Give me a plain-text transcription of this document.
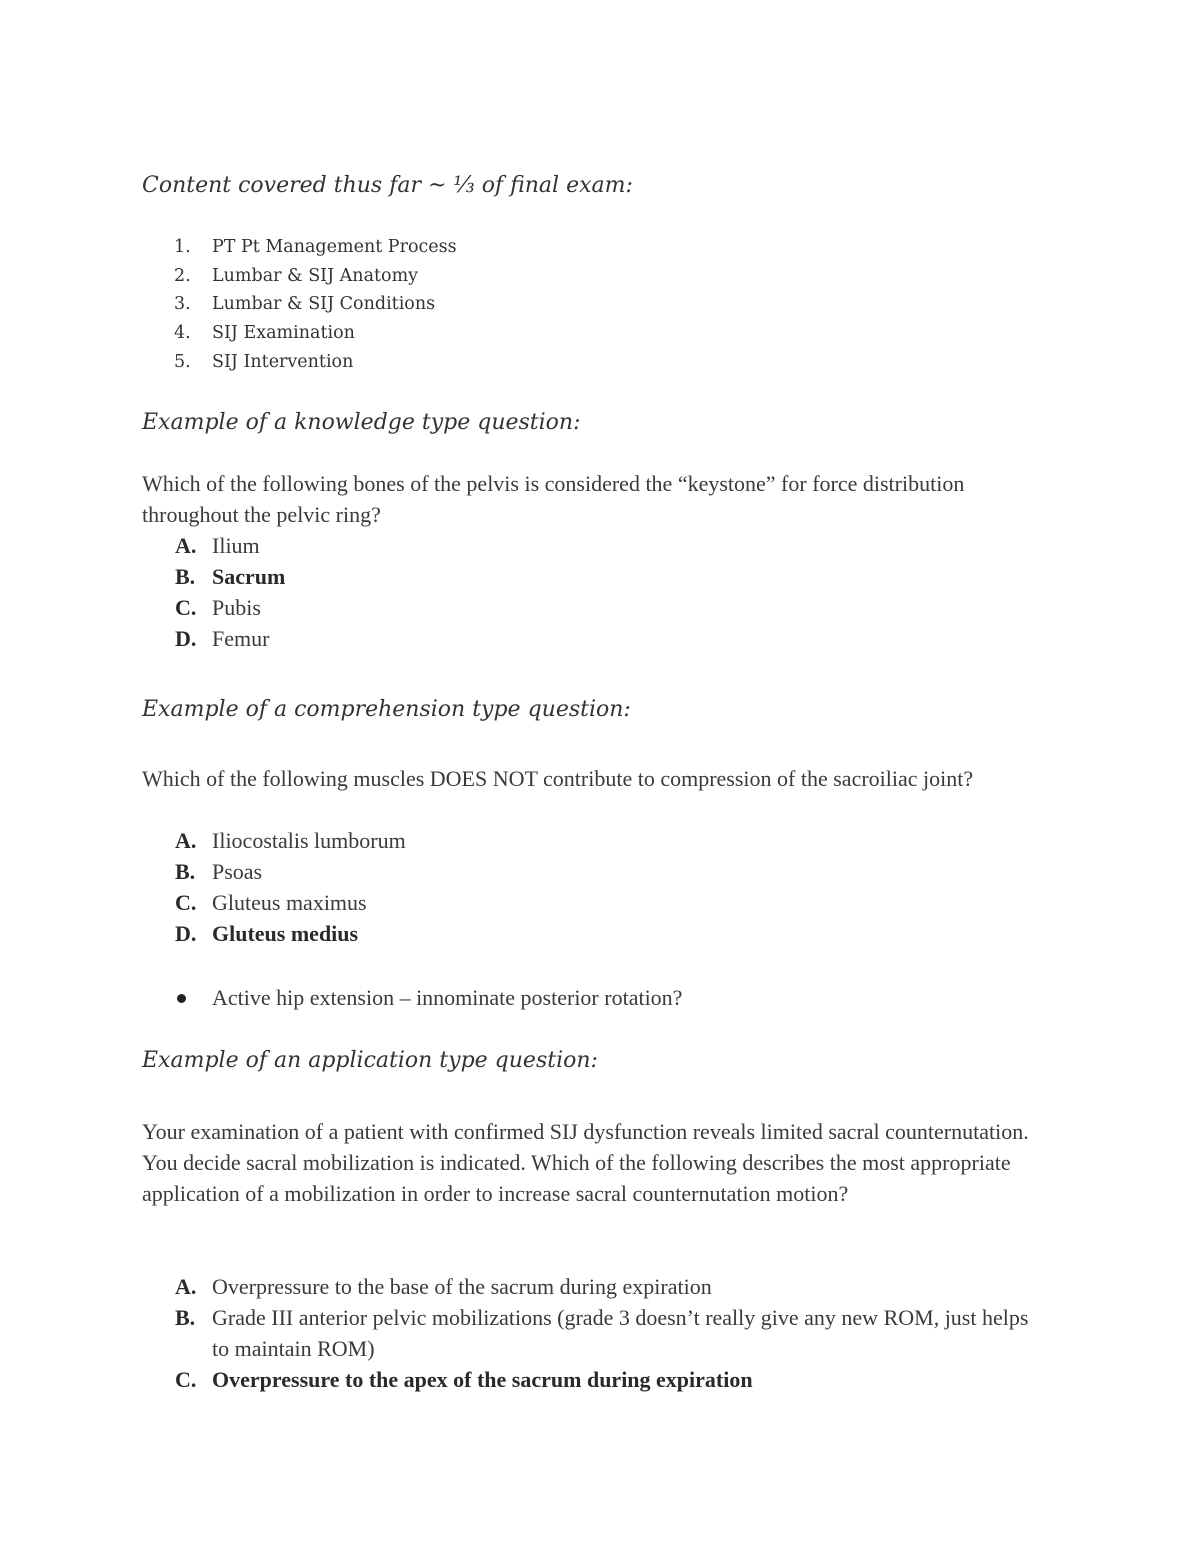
Content covered thus far ~ ⅓ of final exam:
1. PT Pt Management Process
2. Lumbar & SIJ Anatomy
3. Lumbar & SIJ Conditions
4. SIJ Examination
5. SIJ Intervention
Example of a knowledge type question:

Which of the following bones of the pelvis is considered the “keystone” for force distribution throughout the pelvic ring?

A. Ilium
B. Sacrum
C. Pubis
D. Femur
Example of a comprehension type question:

Which of the following muscles DOES NOT contribute to compression of the sacroiliac joint?

A. Iliocostalis lumborum
B. Psoas
C. Gluteus maximus
D. Gluteus medius

Active hip extension – innominate posterior rotation?

Example of an application type question:

Your examination of a patient with confirmed SIJ dysfunction reveals limited sacral counternutation. You decide sacral mobilization is indicated. Which of the following describes the most appropriate application of a mobilization in order to increase sacral counternutation motion?

A. Overpressure to the base of the sacrum during expiration
B. Grade III anterior pelvic mobilizations (grade 3 doesn’t really give any new ROM, just helps to maintain ROM)
C. Overpressure to the apex of the sacrum during expiration
